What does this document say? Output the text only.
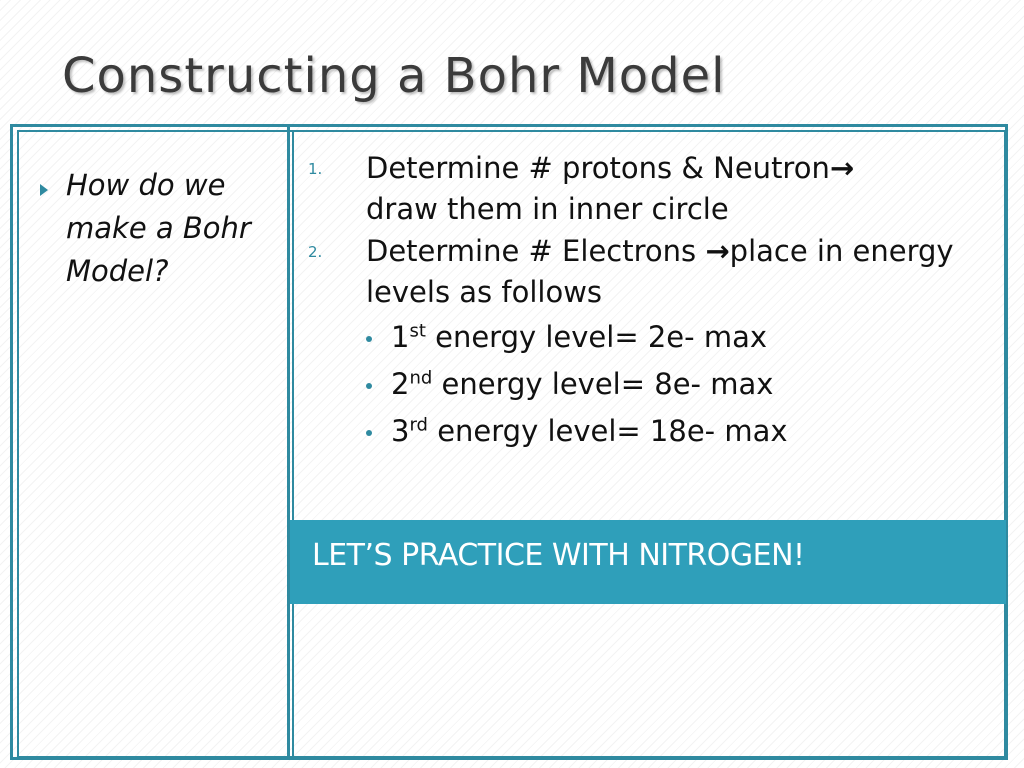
Constructing a Bohr Model
How do we make a Bohr Model?
1.	Determine # protons & Neutron→
draw them in inner circle
2.	Determine # Electrons →place in energy levels as follows
1st energy level= 2e- max
2nd energy level= 8e- max
3rd energy level= 18e- max
LET’S PRACTICE WITH NITROGEN!
